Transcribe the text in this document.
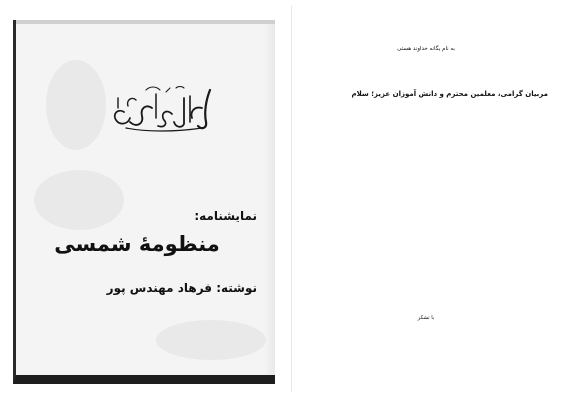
نمایشنامه:
منظومهٔ شمسی
نوشته: فرهاد مهندس پور
به نام یگانه خداوند هستی
مربیان گرامی، معلمین محترم و دانش آموزان عزیز؛ سلام
با تشکر
